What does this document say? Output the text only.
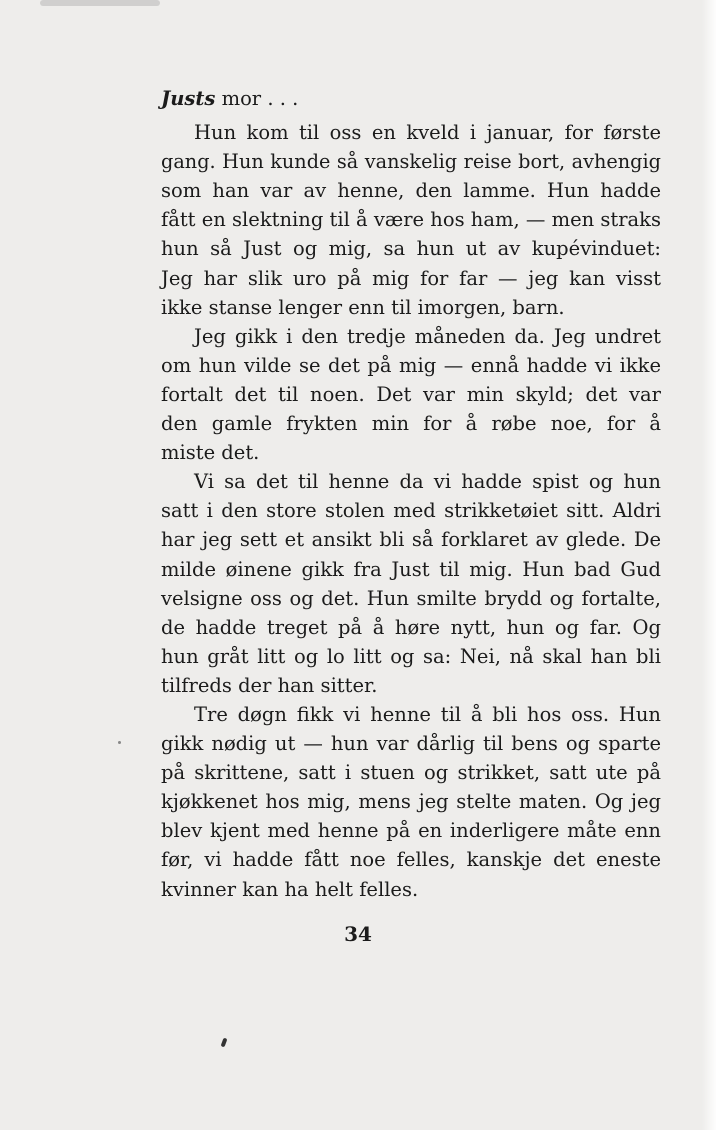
Justs mor . . .

Hun kom til oss en kveld i januar, for første
gang. Hun kunde så vanskelig reise bort, avhengig
som han var av henne, den lamme. Hun hadde
fått en slektning til å være hos ham, — men straks
hun så Just og mig, sa hun ut av kupévinduet:
Jeg har slik uro på mig for far — jeg kan visst
ikke stanse lenger enn til imorgen, barn.

Jeg gikk i den tredje måneden da. Jeg undret
om hun vilde se det på mig — ennå hadde vi ikke
fortalt det til noen. Det var min skyld; det var
den gamle frykten min for å røbe noe, for å
miste det.

Vi sa det til henne da vi hadde spist og hun
satt i den store stolen med strikketøiet sitt. Aldri
har jeg sett et ansikt bli så forklaret av glede. De
milde øinene gikk fra Just til mig. Hun bad Gud
velsigne oss og det. Hun smilte brydd og fortalte,
de hadde treget på å høre nytt, hun og far. Og
hun gråt litt og lo litt og sa: Nei, nå skal han bli
tilfreds der han sitter.

Tre døgn fikk vi henne til å bli hos oss. Hun
gikk nødig ut — hun var dårlig til bens og sparte
på skrittene, satt i stuen og strikket, satt ute på
kjøkkenet hos mig, mens jeg stelte maten. Og jeg
blev kjent med henne på en inderligere måte enn
før, vi hadde fått noe felles, kanskje det eneste
kvinner kan ha helt felles.

34
